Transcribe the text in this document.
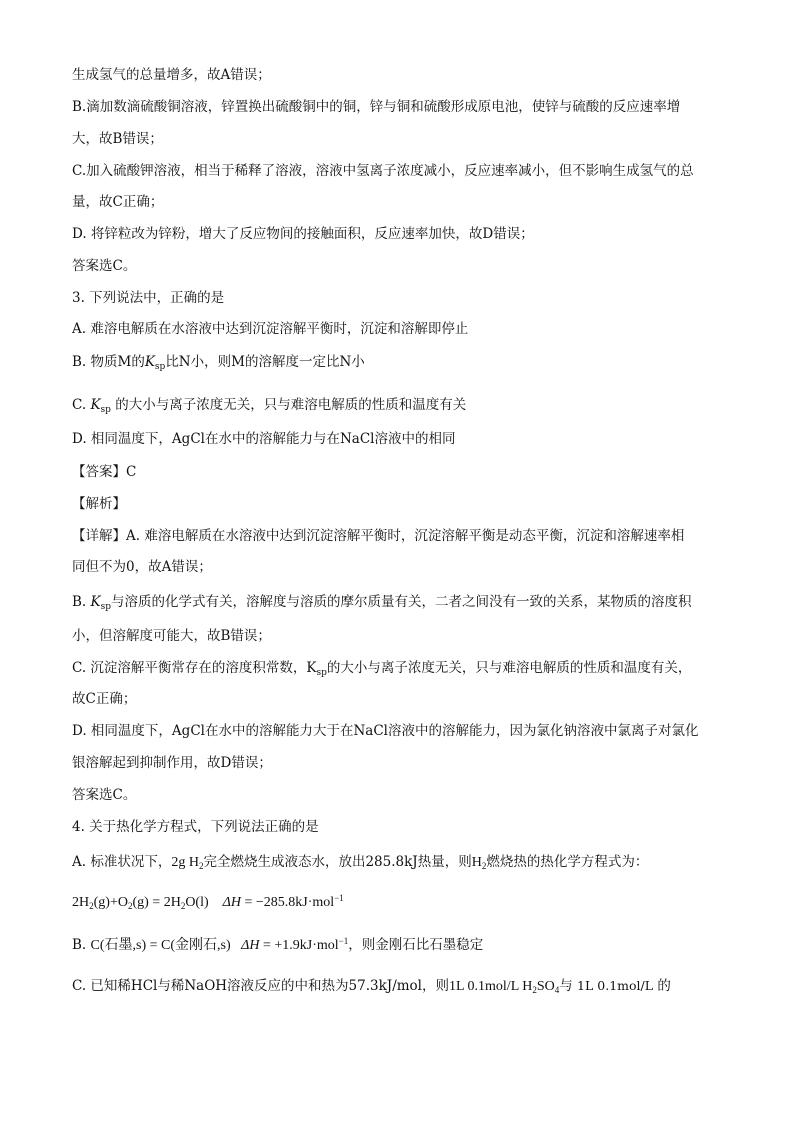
生成氢气的总量增多，故A错误；
B.滴加数滴硫酸铜溶液，锌置换出硫酸铜中的铜，锌与铜和硫酸形成原电池，使锌与硫酸的反应速率增
大，故B错误；
C.加入硫酸钾溶液，相当于稀释了溶液，溶液中氢离子浓度减小，反应速率减小，但不影响生成氢气的总
量，故C正确；
D. 将锌粒改为锌粉，增大了反应物间的接触面积，反应速率加快，故D错误；
答案选C。
3. 下列说法中，正确的是
A. 难溶电解质在水溶液中达到沉淀溶解平衡时，沉淀和溶解即停止
B. 物质M的$K_{sp}$比N小，则M的溶解度一定比N小
C. $K_{sp}$ 的大小与离子浓度无关，只与难溶电解质的性质和温度有关
D. 相同温度下，AgCl在水中的溶解能力与在NaCl溶液中的相同
【答案】C
【解析】
【详解】A. 难溶电解质在水溶液中达到沉淀溶解平衡时，沉淀溶解平衡是动态平衡，沉淀和溶解速率相
同但不为0，故A错误；
B. $K_{sp}$与溶质的化学式有关，溶解度与溶质的摩尔质量有关，二者之间没有一致的关系，某物质的溶度积
小，但溶解度可能大，故B错误；
C. 沉淀溶解平衡常存在的溶度积常数，$K_{sp}$的大小与离子浓度无关，只与难溶电解质的性质和温度有关，
故C正确；
D. 相同温度下，AgCl在水中的溶解能力大于在NaCl溶液中的溶解能力，因为氯化钠溶液中氯离子对氯化
银溶解起到抑制作用，故D错误；
答案选C。
4. 关于热化学方程式，下列说法正确的是
A. 标准状况下，2g $H_2$完全燃烧生成液态水，放出285.8kJ热量，则$H_2$燃烧热的热化学方程式为：
$2H_2(g)+O_2(g) = 2H_2O(l)$    ΔH = −285.8kJ·mol$^{-1}$
B. C(石墨,s) = C(金刚石,s)   ΔH = +1.9kJ·mol$^{-1}$，则金刚石比石墨稳定
C. 已知稀HCl与稀NaOH溶液反应的中和热为57.3kJ/mol，则1L 0.1mol/L $H_2SO_4$与 1L 0.1mol/L 的
